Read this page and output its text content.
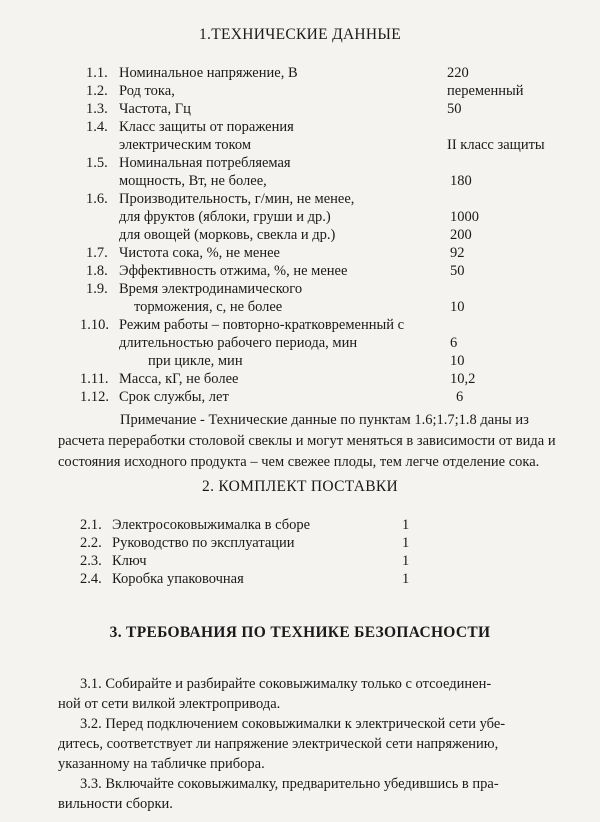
1.ТЕХНИЧЕСКИЕ ДАННЫЕ
1.1. Номинальное напряжение, В	220
1.2. Род тока,	переменный
1.3. Частота, Гц	50
1.4. Класс защиты от поражения
электрическим током	II класс защиты
1.5. Номинальная потребляемая
мощность, Вт, не более,	180
1.6. Производительность, г/мин, не менее,
для фруктов (яблоки, груши и др.)	1000
для овощей (морковь, свекла и др.)	200
1.7. Чистота сока, %, не менее	92
1.8. Эффективность отжима, %, не менее	50
1.9. Время электродинамического
торможения, с, не более	10
1.10. Режим работы – повторно-кратковременный с
длительностью рабочего периода, мин	6
при цикле, мин	10
1.11. Масса, кГ, не более	10,2
1.12. Срок службы, лет	6

Примечание - Технические данные по пунктам 1.6;1.7;1.8 даны из

расчета переработки столовой свеклы и могут меняться в зависимости от вида и

состояния исходного продукта – чем свежее плоды, тем легче отделение сока.

2. КОМПЛЕКТ ПОСТАВКИ
2.1. Электросоковыжималка в сборе	1
2.2. Руководство по эксплуатации	1
2.3. Ключ	1
2.4. Коробка упаковочная	1
3. ТРЕБОВАНИЯ ПО ТЕХНИКЕ БЕЗОПАСНОСТИ

3.1. Собирайте и разбирайте соковыжималку только с отсоединен-

ной от сети вилкой электропривода.

3.2. Перед подключением соковыжималки к электрической сети убе-

дитесь, соответствует ли напряжение электрической сети напряжению,

указанному на табличке прибора.

3.3. Включайте соковыжималку, предварительно убедившись в пра-

вильности сборки.
